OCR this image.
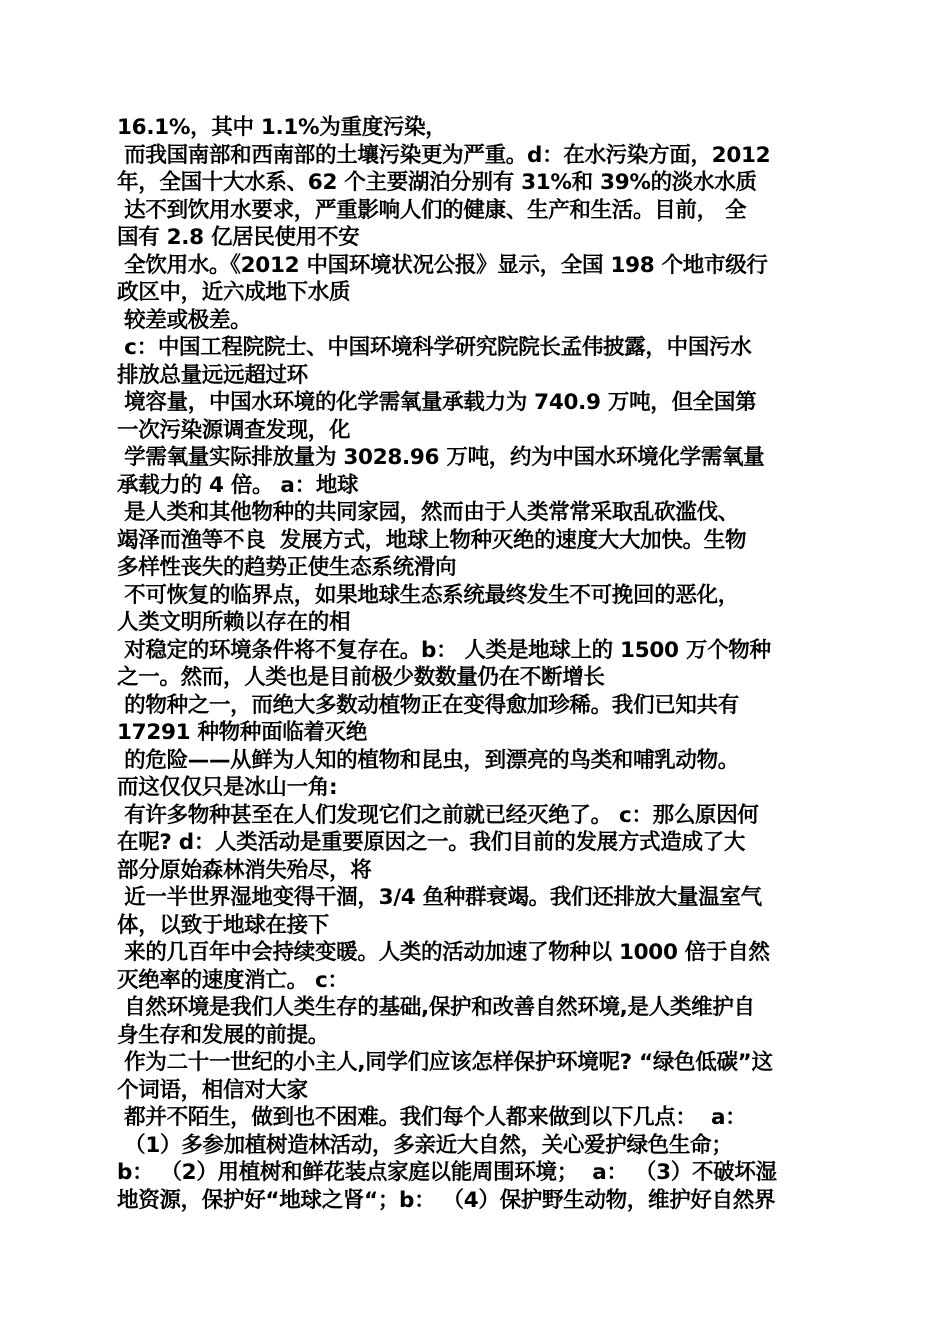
16.1%，其中 1.1%为重度污染，
而我国南部和西南部的土壤污染更为严重。d：在水污染方面，2012
年，全国十大水系、62 个主要湖泊分别有 31%和 39%的淡水水质
达不到饮用水要求，严重影响人们的健康、生产和生活。目前， 全
国有 2.8 亿居民使用不安
全饮用水。《2012 中国环境状况公报》显示，全国 198 个地市级行
政区中，近六成地下水质
较差或极差。
c：中国工程院院士、中国环境科学研究院院长孟伟披露，中国污水
排放总量远远超过环
境容量，中国水环境的化学需氧量承载力为 740.9 万吨，但全国第
一次污染源调查发现，化
学需氧量实际排放量为 3028.96 万吨，约为中国水环境化学需氧量
承载力的 4 倍。 a：地球
是人类和其他物种的共同家园，然而由于人类常常采取乱砍滥伐、
竭泽而渔等不良  发展方式，地球上物种灭绝的速度大大加快。生物
多样性丧失的趋势正使生态系统滑向
不可恢复的临界点，如果地球生态系统最终发生不可挽回的恶化，
人类文明所赖以存在的相
对稳定的环境条件将不复存在。b： 人类是地球上的 1500 万个物种
之一。然而，人类也是目前极少数数量仍在不断增长
的物种之一，而绝大多数动植物正在变得愈加珍稀。我们已知共有
17291 种物种面临着灭绝
的危险——从鲜为人知的植物和昆虫，到漂亮的鸟类和哺乳动物。
而这仅仅只是冰山一角:
有许多物种甚至在人们发现它们之前就已经灭绝了。 c：那么原因何
在呢? d：人类活动是重要原因之一。我们目前的发展方式造成了大
部分原始森林消失殆尽，将
近一半世界湿地变得干涸，3/4 鱼种群衰竭。我们还排放大量温室气
体，以致于地球在接下
来的几百年中会持续变暖。人类的活动加速了物种以 1000 倍于自然
灭绝率的速度消亡。 c：
自然环境是我们人类生存的基础,保护和改善自然环境,是人类维护自
身生存和发展的前提。
作为二十一世纪的小主人,同学们应该怎样保护环境呢? “绿色低碳”这
个词语，相信对大家
都并不陌生，做到也不困难。我们每个人都来做到以下几点：  a：
（1）多参加植树造林活动，多亲近大自然，关心爱护绿色生命；
b： （2）用植树和鲜花装点家庭以能周围环境；  a： （3）不破坏湿
地资源，保护好“地球之肾“；b： （4）保护野生动物，维护好自然界
